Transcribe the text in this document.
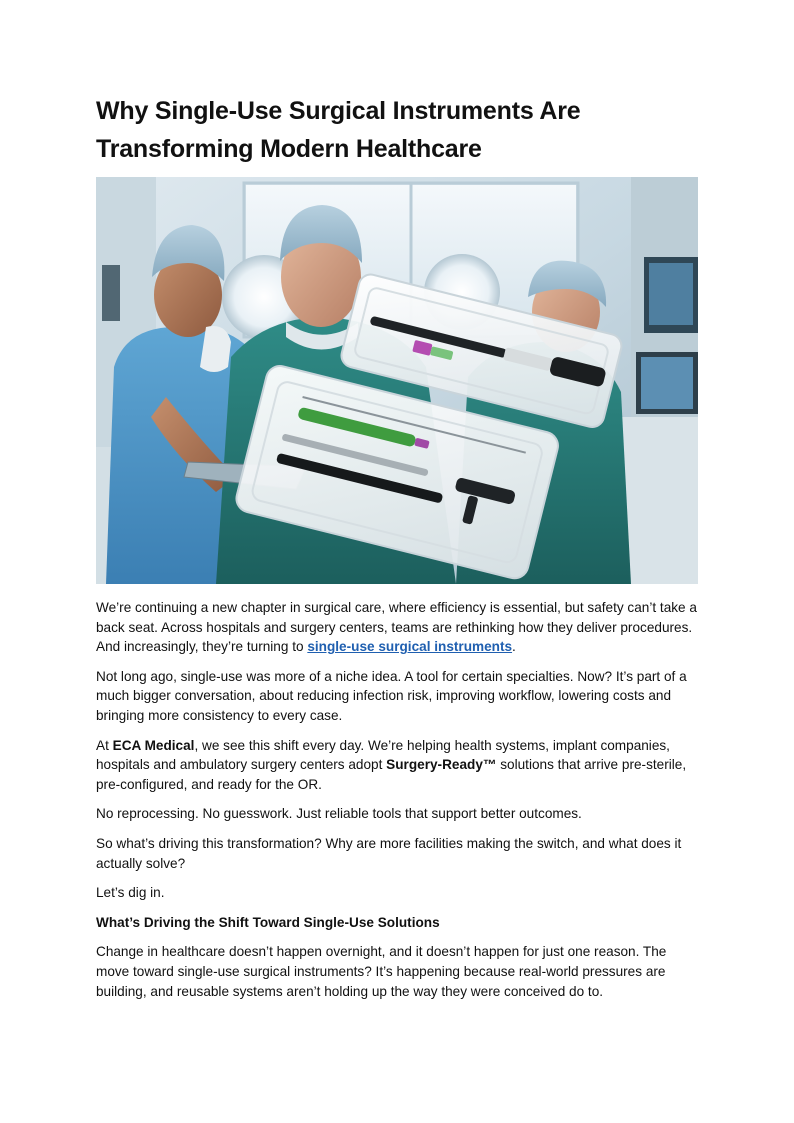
Why Single-Use Surgical Instruments Are Transforming Modern Healthcare

We’re continuing a new chapter in surgical care, where efficiency is essential, but safety can’t take a back seat. Across hospitals and surgery centers, teams are rethinking how they deliver procedures. And increasingly, they’re turning to single-use surgical instruments.

Not long ago, single-use was more of a niche idea. A tool for certain specialties. Now? It’s part of a much bigger conversation, about reducing infection risk, improving workflow, lowering costs and bringing more consistency to every case.

At ECA Medical, we see this shift every day. We’re helping health systems, implant companies, hospitals and ambulatory surgery centers adopt Surgery-Ready™ solutions that arrive pre-sterile, pre-configured, and ready for the OR.

No reprocessing. No guesswork. Just reliable tools that support better outcomes.

So what’s driving this transformation? Why are more facilities making the switch, and what does it actually solve?

Let’s dig in.

What’s Driving the Shift Toward Single-Use Solutions

Change in healthcare doesn’t happen overnight, and it doesn’t happen for just one reason. The move toward single-use surgical instruments? It’s happening because real-world pressures are building, and reusable systems aren’t holding up the way they were conceived do to.
